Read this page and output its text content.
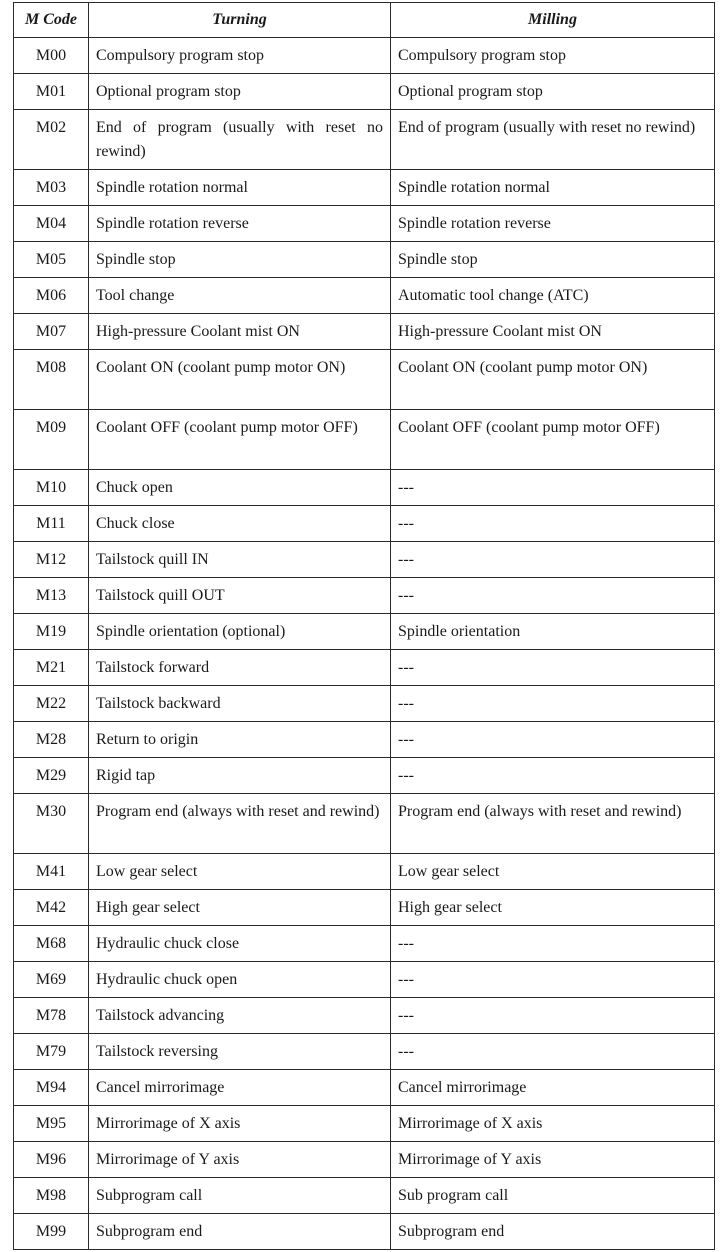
M Code	Turning	Milling
M00	Compulsory program stop	Compulsory program stop
M01	Optional program stop	Optional program stop
M02	End of program (usually with reset no rewind)	End of program (usually with reset no rewind)
M03	Spindle rotation normal	Spindle rotation normal
M04	Spindle rotation reverse	Spindle rotation reverse
M05	Spindle stop	Spindle stop
M06	Tool change	Automatic tool change (ATC)
M07	High-pressure Coolant mist ON	High-pressure Coolant mist ON
M08	Coolant ON (coolant pump motor ON)	Coolant ON (coolant pump motor ON)
M09	Coolant OFF (coolant pump motor OFF)	Coolant OFF (coolant pump motor OFF)
M10	Chuck open	---
M11	Chuck close	---
M12	Tailstock quill IN	---
M13	Tailstock quill OUT	---
M19	Spindle orientation (optional)	Spindle orientation
M21	Tailstock forward	---
M22	Tailstock backward	---
M28	Return to origin	---
M29	Rigid tap	---
M30	Program end (always with reset and rewind)	Program end (always with reset and rewind)
M41	Low gear select	Low gear select
M42	High gear select	High gear select
M68	Hydraulic chuck close	---
M69	Hydraulic chuck open	---
M78	Tailstock advancing	---
M79	Tailstock reversing	---
M94	Cancel mirrorimage	Cancel mirrorimage
M95	Mirrorimage of X axis	Mirrorimage of X axis
M96	Mirrorimage of Y axis	Mirrorimage of Y axis
M98	Subprogram call	Sub program call
M99	Subprogram end	Subprogram end
